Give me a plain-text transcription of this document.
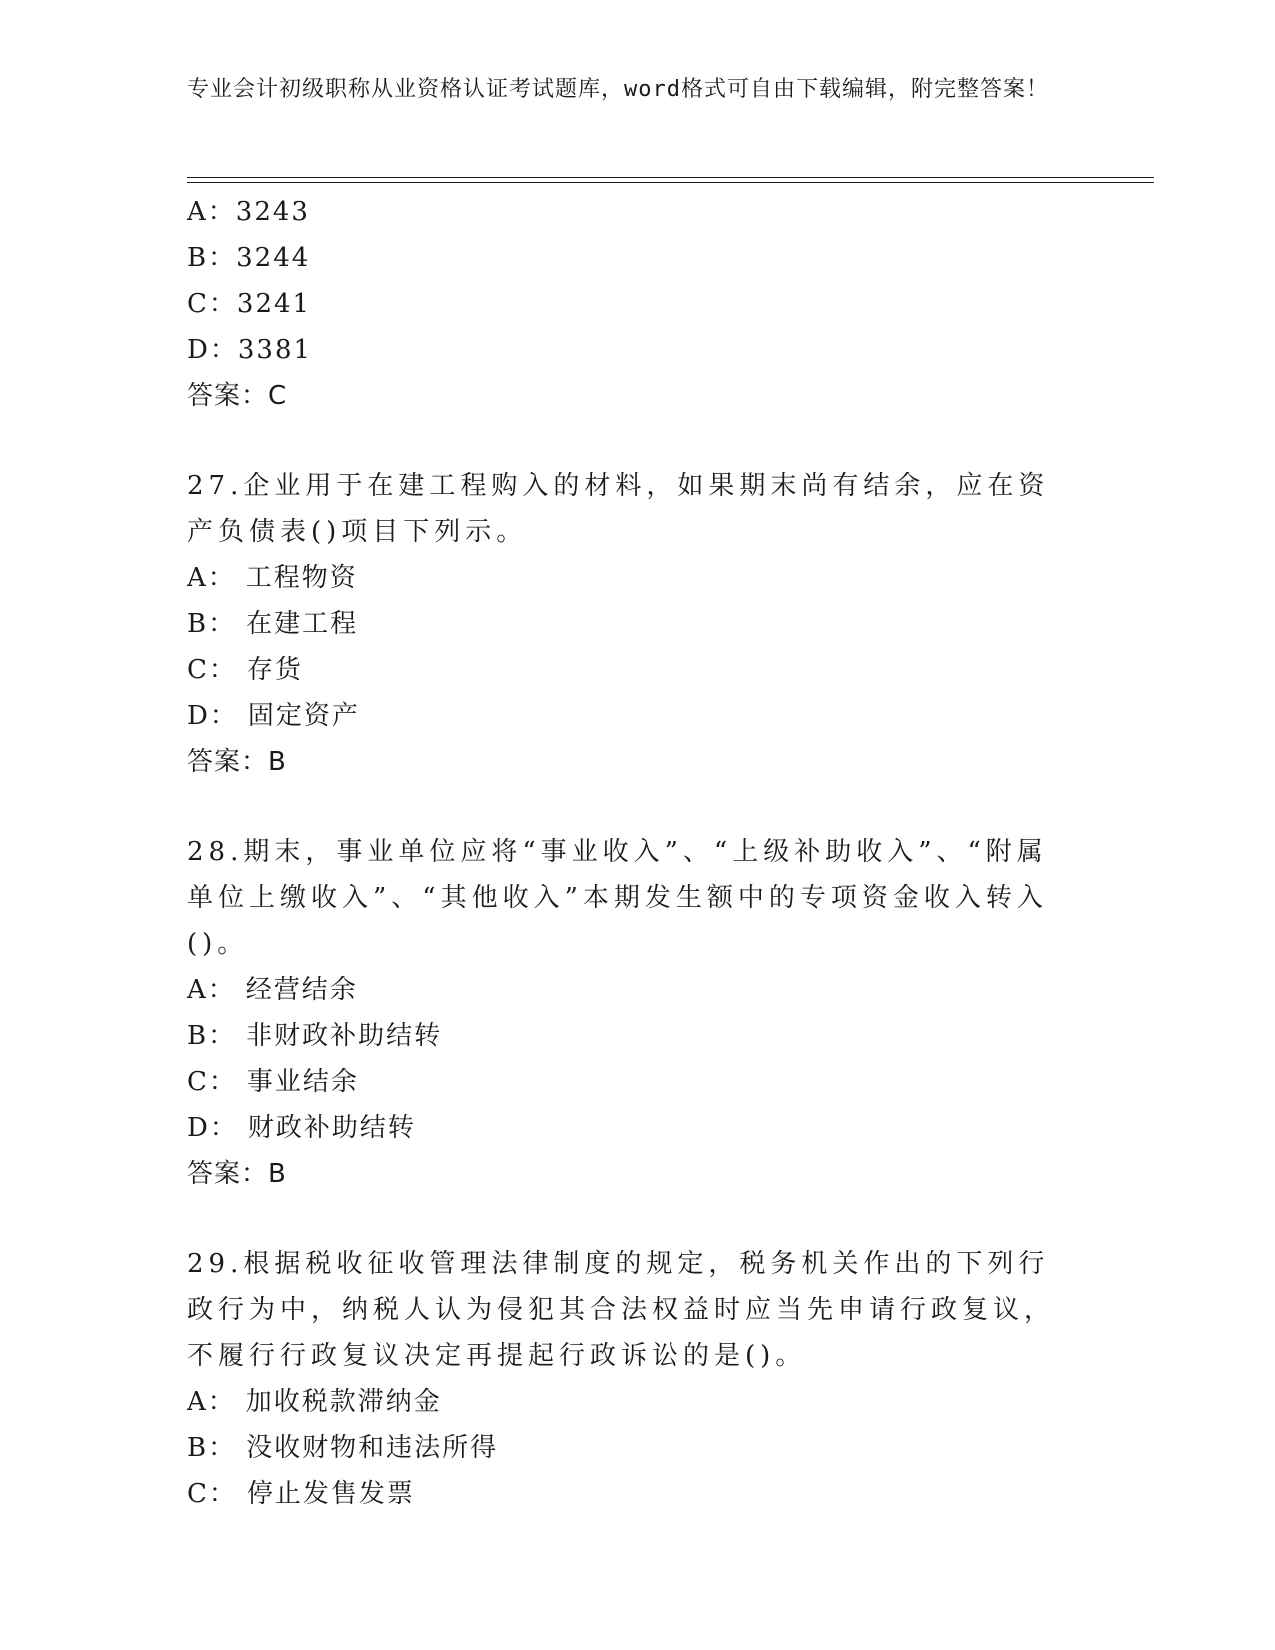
专业会计初级职称从业资格认证考试题库，word格式可自由下载编辑，附完整答案！
A：3243
B：3244
C：3241
D：3381
答案：C
27.企业用于在建工程购入的材料，如果期末尚有结余，应在资产负债表()项目下列示。
A： 工程物资
B： 在建工程
C： 存货
D： 固定资产
答案：B
28.期末，事业单位应将“事业收入”、“上级补助收入”、“附属单位上缴收入”、“其他收入”本期发生额中的专项资金收入转入()。
A： 经营结余
B： 非财政补助结转
C： 事业结余
D： 财政补助结转
答案：B
29.根据税收征收管理法律制度的规定，税务机关作出的下列行政行为中，纳税人认为侵犯其合法权益时应当先申请行政复议，不履行行政复议决定再提起行政诉讼的是()。
A： 加收税款滞纳金
B： 没收财物和违法所得
C： 停止发售发票
